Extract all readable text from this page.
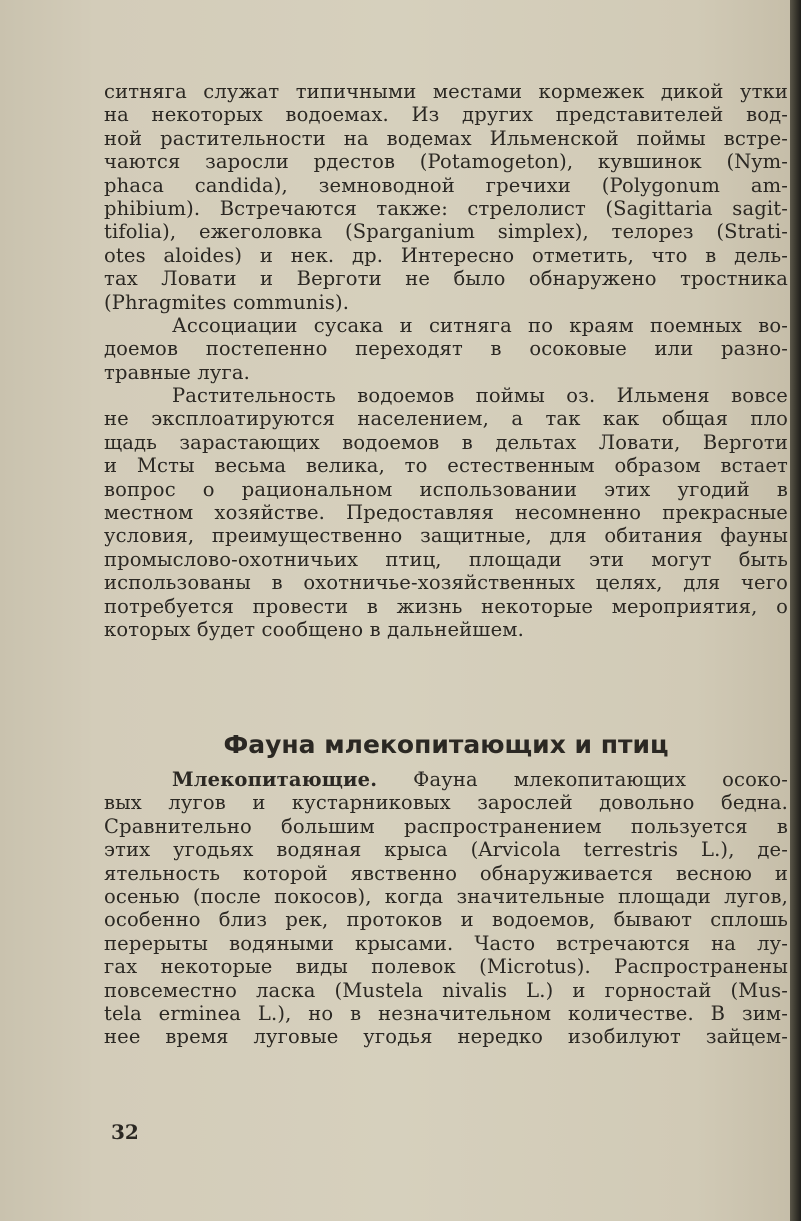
ситняга служат типичными местами кормежек дикой утки
на некоторых водоемах. Из других представителей вод-
ной растительности на водемах Ильменской поймы встре-
чаются заросли рдестов (Potamogeton), кувшинок (Nym-
phaca candida), земноводной гречихи (Polygonum am-
phibium). Встречаются также: стрелолист (Sagittaria sagit-
tifolia), ежеголовка (Sparganium simplex), телорез (Strati-
otes aloides) и нек. др. Интересно отметить, что в дель-
тах Ловати и Верготи не было обнаружено тростника
(Phragmites communis).
Ассоциации сусака и ситняга по краям поемных во-
доемов постепенно переходят в осоковые или разно-
травные луга.
Растительность водоемов поймы оз. Ильменя вовсе
не эксплоатируются населением, а так как общая пло
щадь зарастающих водоемов в дельтах Ловати, Верготи
и Мсты весьма велика, то естественным образом встает
вопрос о рациональном использовании этих угодий в
местном хозяйстве. Предоставляя несомненно прекрасные
условия, преимущественно защитные, для обитания фауны
промыслово-охотничьих птиц, площади эти могут быть
использованы в охотничье-хозяйственных целях, для чего
потребуется провести в жизнь некоторые мероприятия, о
которых будет сообщено в дальнейшем.
Фауна млекопитающих и птиц
Млекопитающие. Фауна млекопитающих осоко-
вых лугов и кустарниковых зарослей довольно бедна.
Сравнительно большим распространением пользуется в
этих угодьях водяная крыса (Arvicola terrestris L.), де-
ятельность которой явственно обнаруживается весною и
осенью (после покосов), когда значительные площади лугов,
особенно близ рек, протоков и водоемов, бывают сплошь
перерыты водяными крысами. Часто встречаются на лу-
гах некоторые виды полевок (Microtus). Распространены
повсеместно ласка (Mustela nivalis L.) и горностай (Mus-
tela erminea L.), но в незначительном количестве. В зим-
нее время луговые угодья нередко изобилуют зайцем-
32
